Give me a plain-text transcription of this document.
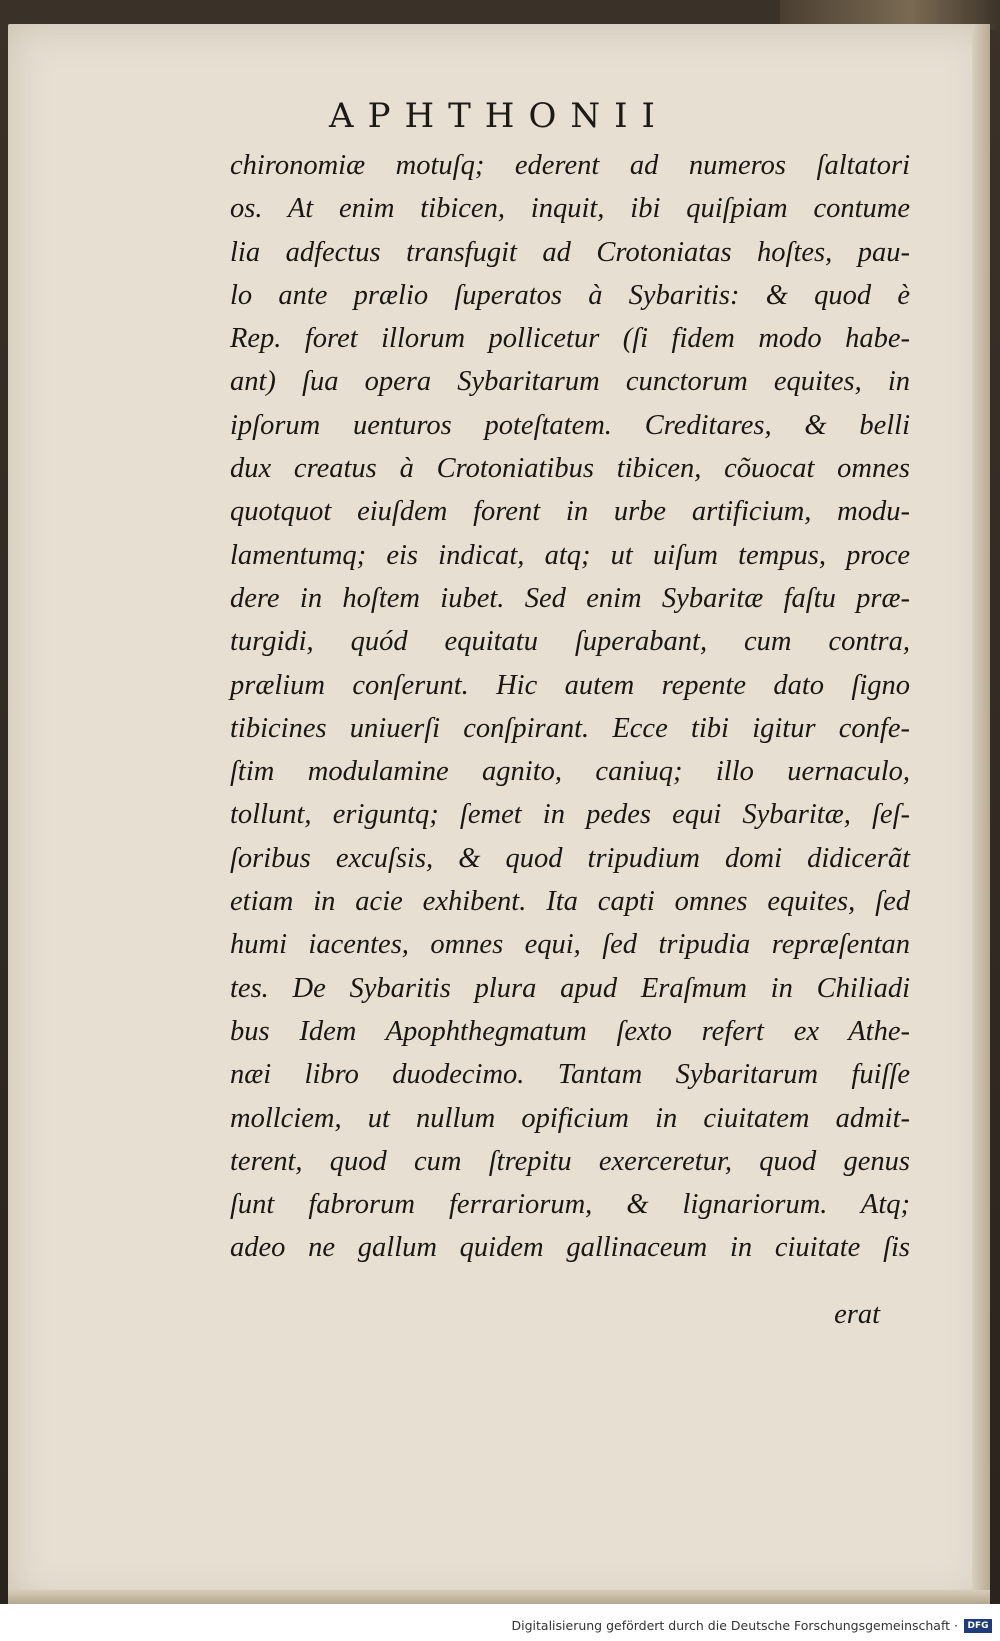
APHTHONII
chironomiæ motuſq; ederent ad numeros ſaltatori
os. At enim tibicen, inquit, ibi quiſpiam contume
lia adfectus transfugit ad Crotoniatas hoſtes, pau-
lo ante prælio ſuperatos à Sybaritis: & quod è
Rep. foret illorum pollicetur (ſi fidem modo habe-
ant) ſua opera Sybaritarum cunctorum equites, in
ipſorum uenturos poteſtatem. Creditares, & belli
dux creatus à Crotoniatibus tibicen, cõuocat omnes
quotquot eiuſdem forent in urbe artificium, modu-
lamentumq; eis indicat, atq; ut uiſum tempus, proce
dere in hoſtem iubet. Sed enim Sybaritæ faſtu præ-
turgidi, quód equitatu ſuperabant, cum contra,
prælium conſerunt. Hic autem repente dato ſigno
tibicines uniuerſi conſpirant. Ecce tibi igitur confe-
ſtim modulamine agnito, caniuq; illo uernaculo,
tollunt, eriguntq; ſemet in pedes equi Sybaritæ, ſeſ-
ſoribus excuſsis, & quod tripudium domi didicerãt
etiam in acie exhibent. Ita capti omnes equites, ſed
humi iacentes, omnes equi, ſed tripudia repræſentan
tes. De Sybaritis plura apud Eraſmum in Chiliadi
bus Idem Apophthegmatum ſexto refert ex Athe-
næi libro duodecimo. Tantam Sybaritarum fuiſſe
mollciem, ut nullum opificium in ciuitatem admit-
terent, quod cum ſtrepitu exerceretur, quod genus
ſunt fabrorum ferrariorum, & lignariorum. Atq;
adeo ne gallum quidem gallinaceum in ciuitate ſis
erat
Digitalisierung gefördert durch die Deutsche Forschungsgemeinschaft ·	DFG
